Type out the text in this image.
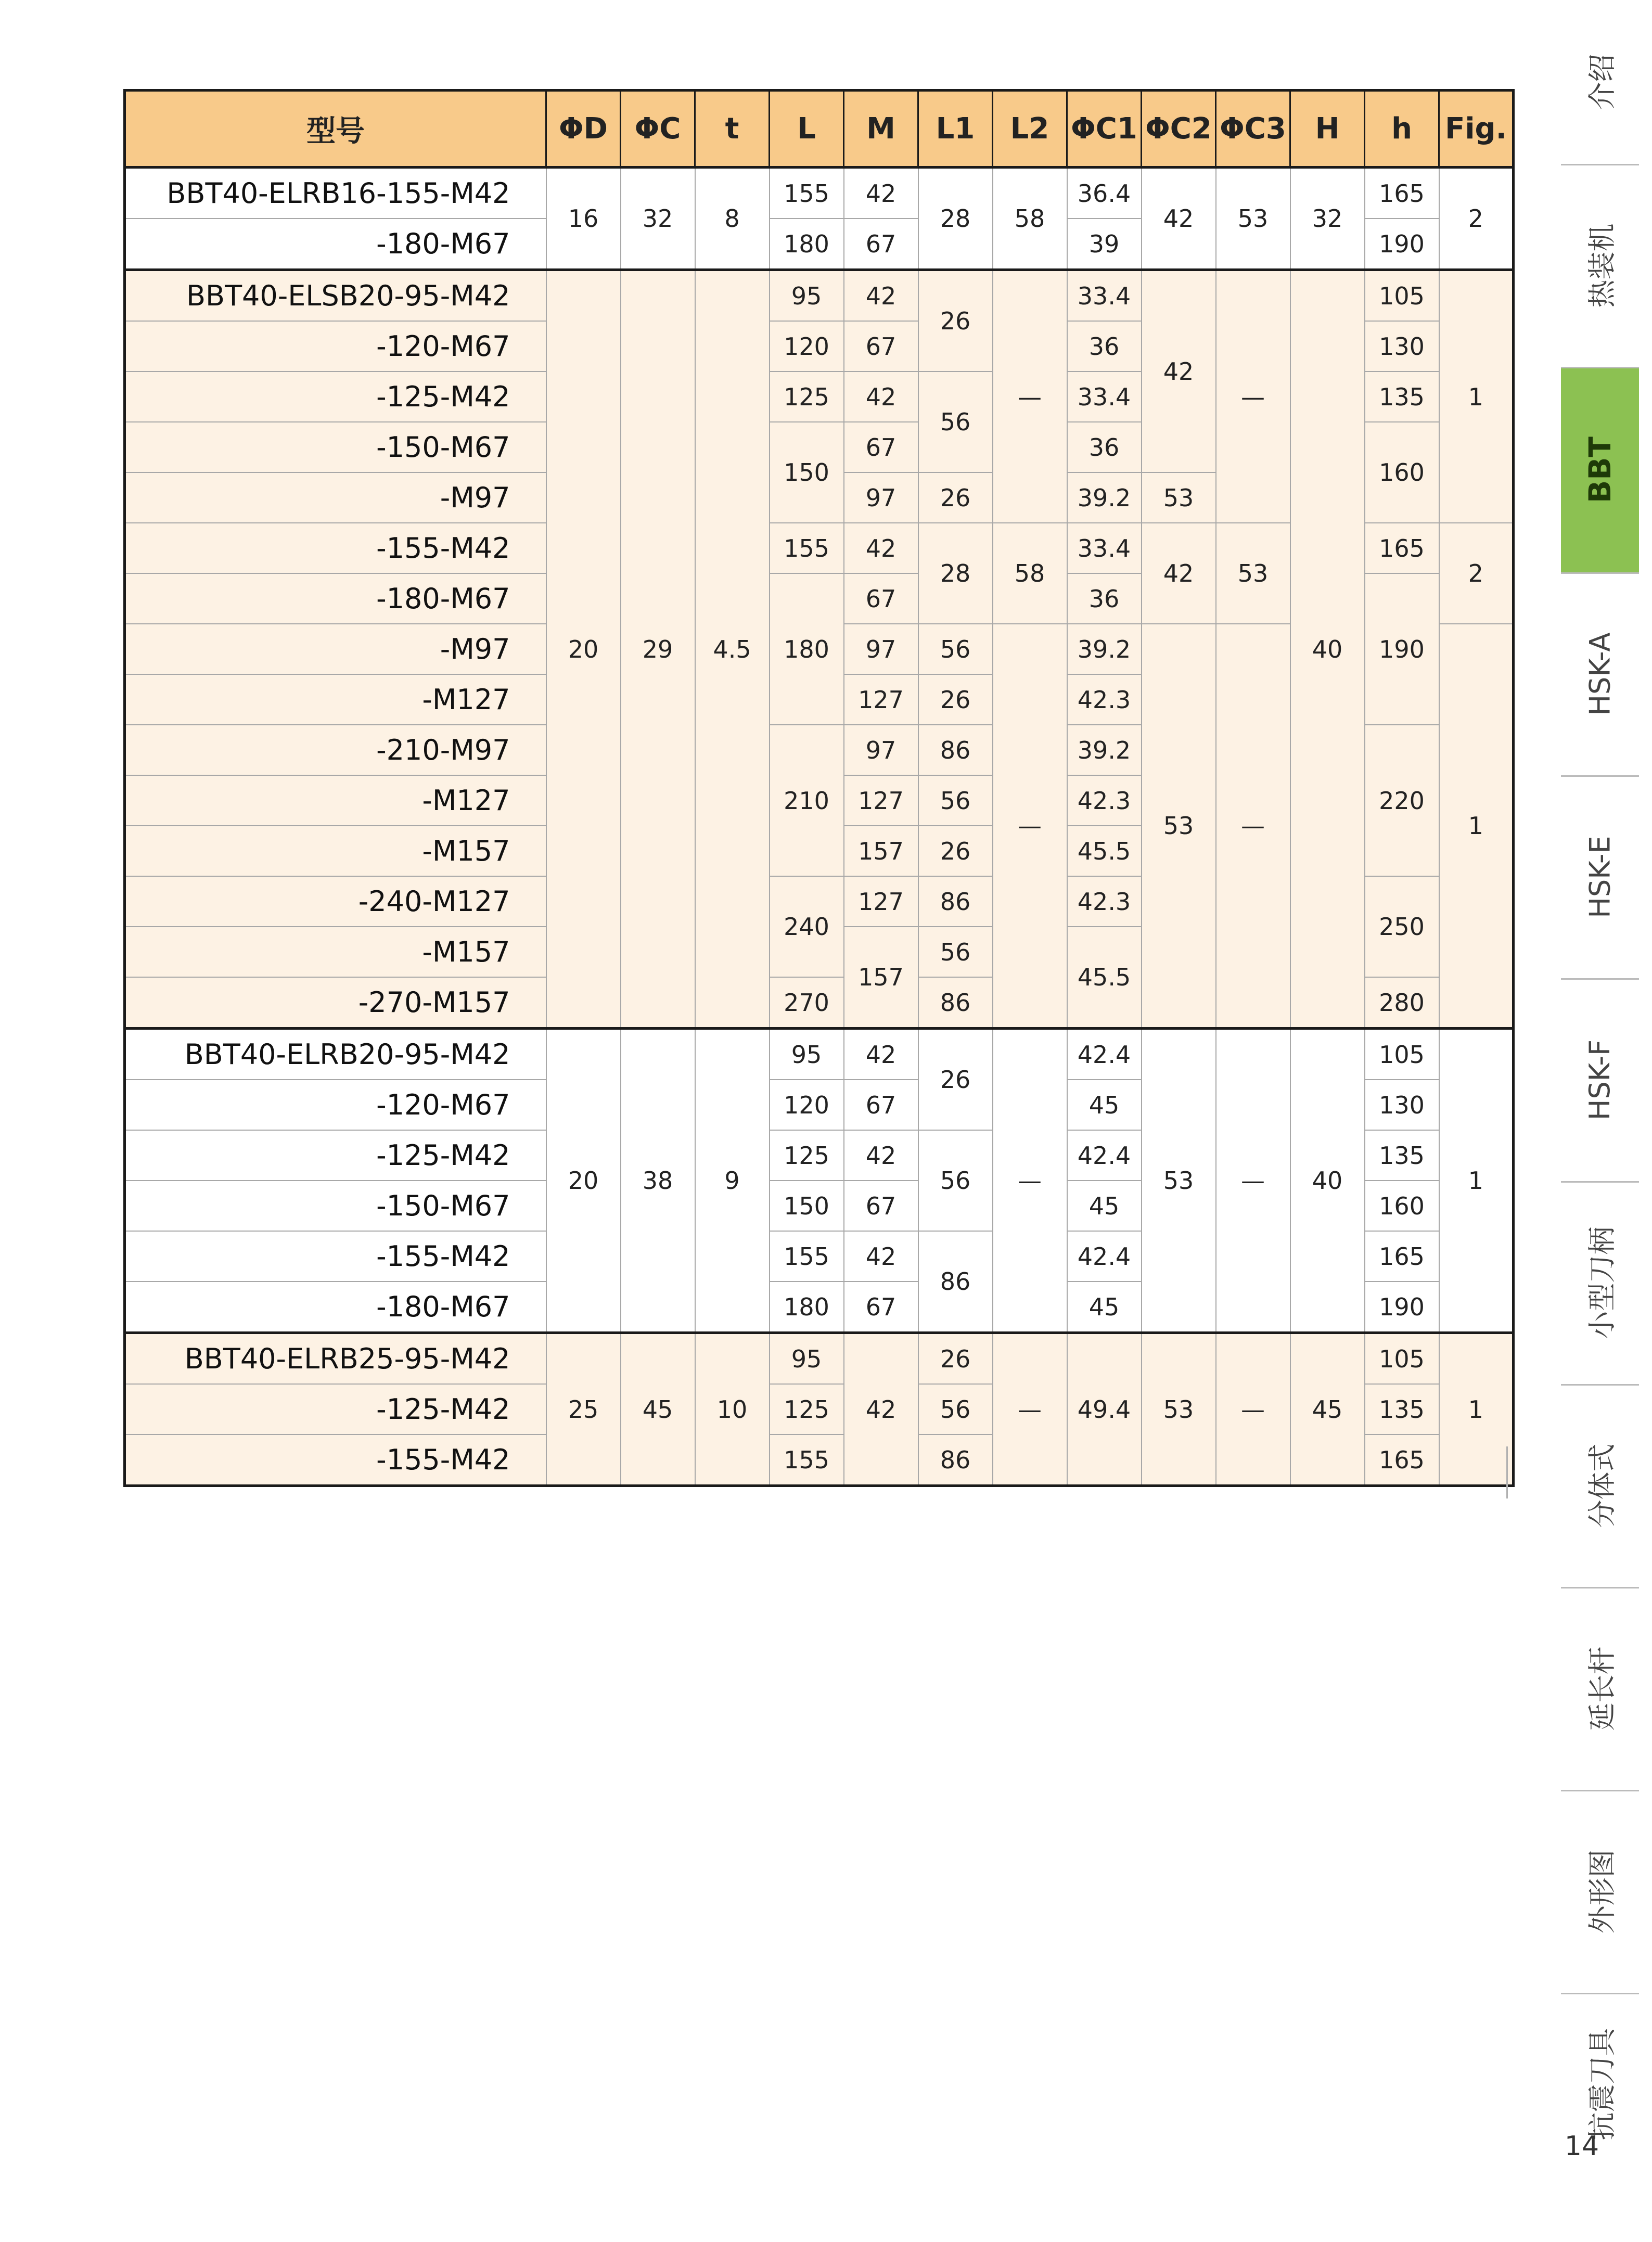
型号	ΦD	ΦC	t	L	M	L1	L2	ΦC1	ΦC2	ΦC3	H	h	Fig.
BBT40-ELRB16-155-M42	16	32	8	155	42	28	58	36.4	42	53	32	165	2
-180-M67				180	67			39				190	
BBT40-ELSB20-95-M42	20	29	4.5	95	42	26	—	33.4	42	—	40	105	1
-120-M67				120	67			36				130	
-125-M42				125	42	56		33.4				135	
-150-M67				150	67			36				160	
-M97					97	26		39.2	53				
-155-M42				155	42	28	58	33.4	42	53		165	2
-180-M67				180	67			36				190	
-M97					97	56	—	39.2	53	—			1
-M127					127	26		42.3					
-210-M97				210	97	86		39.2				220	
-M127					127	56		42.3					
-M157					157	26		45.5					
-240-M127				240	127	86		42.3				250	
-M157					157	56		45.5					
-270-M157				270		86						280	
BBT40-ELRB20-95-M42	20	38	9	95	42	26	—	42.4	53	—	40	105	1
-120-M67				120	67			45				130	
-125-M42				125	42	56		42.4				135	
-150-M67				150	67			45				160	
-155-M42				155	42	86		42.4				165	
-180-M67				180	67			45				190	
BBT40-ELRB25-95-M42	25	45	10	95	42	26	—	49.4	53	—	45	105	1
-125-M42				125		56						135	
-155-M42				155		86						165	
介绍
热装机
BBT
HSK-A
HSK-E
HSK-F
小型刀柄
分体式
延长杆
外形图
抗震刀具
14
